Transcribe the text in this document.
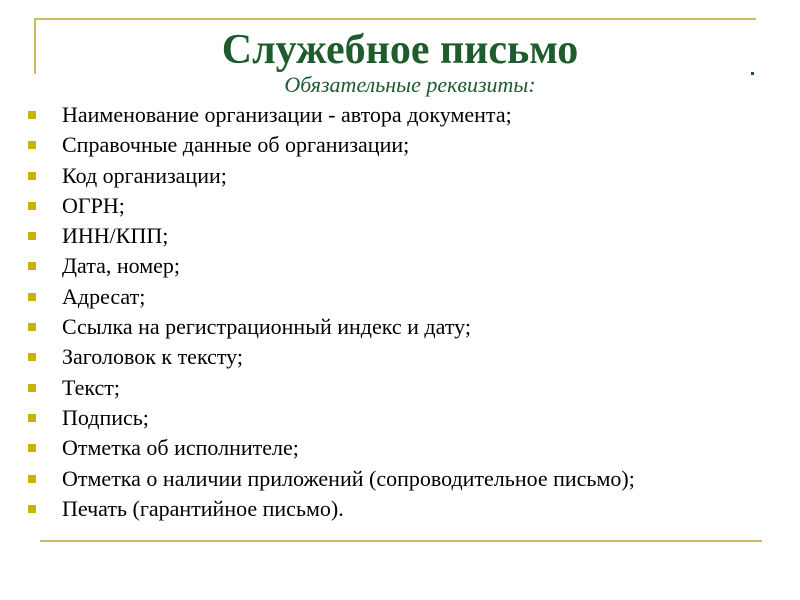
Служебное письмо
Обязательные реквизиты:
Наименование организации - автора документа;
Справочные данные об организации;
Код организации;
ОГРН;
ИНН/КПП;
Дата, номер;
Адресат;
Ссылка на регистрационный индекс и дату;
Заголовок к тексту;
Текст;
Подпись;
Отметка об исполнителе;
Отметка о наличии приложений (сопроводительное письмо);
Печать (гарантийное письмо).
